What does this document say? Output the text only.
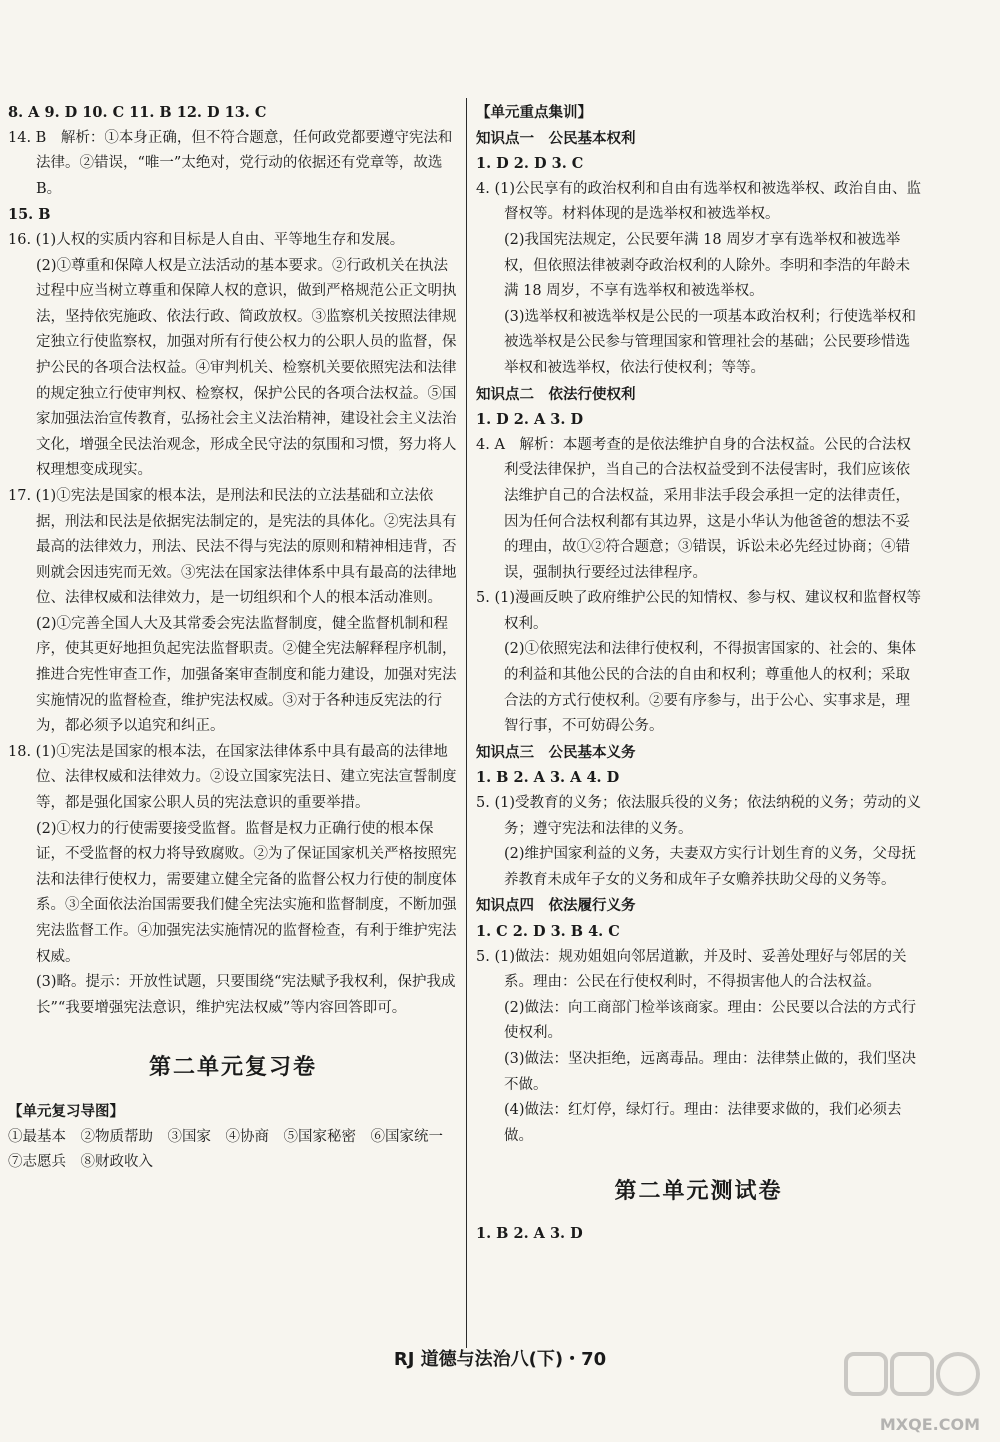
8. A 9. D 10. C 11. B 12. D 13. C

14. B　解析：①本身正确，但不符合题意，任何政党都要遵守宪法和法律。②错误，“唯一”太绝对，党行动的依据还有党章等，故选 B。

15. B

16. (1)人权的实质内容和目标是人自由、平等地生存和发展。

(2)①尊重和保障人权是立法活动的基本要求。②行政机关在执法过程中应当树立尊重和保障人权的意识，做到严格规范公正文明执法，坚持依宪施政、依法行政、简政放权。③监察机关按照法律规定独立行使监察权，加强对所有行使公权力的公职人员的监督，保护公民的各项合法权益。④审判机关、检察机关要依照宪法和法律的规定独立行使审判权、检察权，保护公民的各项合法权益。⑤国家加强法治宣传教育，弘扬社会主义法治精神，建设社会主义法治文化，增强全民法治观念，形成全民守法的氛围和习惯，努力将人权理想变成现实。

17. (1)①宪法是国家的根本法，是刑法和民法的立法基础和立法依据，刑法和民法是依据宪法制定的，是宪法的具体化。②宪法具有最高的法律效力，刑法、民法不得与宪法的原则和精神相违背，否则就会因违宪而无效。③宪法在国家法律体系中具有最高的法律地位、法律权威和法律效力，是一切组织和个人的根本活动准则。

(2)①完善全国人大及其常委会宪法监督制度，健全监督机制和程序，使其更好地担负起宪法监督职责。②健全宪法解释程序机制，推进合宪性审查工作，加强备案审查制度和能力建设，加强对宪法实施情况的监督检查，维护宪法权威。③对于各种违反宪法的行为，都必须予以追究和纠正。

18. (1)①宪法是国家的根本法，在国家法律体系中具有最高的法律地位、法律权威和法律效力。②设立国家宪法日、建立宪法宣誓制度等，都是强化国家公职人员的宪法意识的重要举措。

(2)①权力的行使需要接受监督。监督是权力正确行使的根本保证，不受监督的权力将导致腐败。②为了保证国家机关严格按照宪法和法律行使权力，需要建立健全完备的监督公权力行使的制度体系。③全面依法治国需要我们健全宪法实施和监督制度，不断加强宪法监督工作。④加强宪法实施情况的监督检查，有利于维护宪法权威。

(3)略。提示：开放性试题，只要围绕“宪法赋予我权利，保护我成长”“我要增强宪法意识，维护宪法权威”等内容回答即可。

第二单元复习卷

【单元复习导图】

①最基本　②物质帮助　③国家　④协商　⑤国家秘密　⑥国家统一　⑦志愿兵　⑧财政收入

【单元重点集训】

知识点一　公民基本权利

1. D 2. D 3. C

4. (1)公民享有的政治权利和自由有选举权和被选举权、政治自由、监督权等。材料体现的是选举权和被选举权。

(2)我国宪法规定，公民要年满 18 周岁才享有选举权和被选举权，但依照法律被剥夺政治权利的人除外。李明和李浩的年龄未满 18 周岁，不享有选举权和被选举权。

(3)选举权和被选举权是公民的一项基本政治权利；行使选举权和被选举权是公民参与管理国家和管理社会的基础；公民要珍惜选举权和被选举权，依法行使权利；等等。

知识点二　依法行使权利

1. D 2. A 3. D

4. A　解析：本题考查的是依法维护自身的合法权益。公民的合法权利受法律保护，当自己的合法权益受到不法侵害时，我们应该依法维护自己的合法权益，采用非法手段会承担一定的法律责任，因为任何合法权利都有其边界，这是小华认为他爸爸的想法不妥的理由，故①②符合题意；③错误，诉讼未必先经过协商；④错误，强制执行要经过法律程序。

5. (1)漫画反映了政府维护公民的知情权、参与权、建议权和监督权等权利。

(2)①依照宪法和法律行使权利，不得损害国家的、社会的、集体的利益和其他公民的合法的自由和权利；尊重他人的权利；采取合法的方式行使权利。②要有序参与，出于公心、实事求是，理智行事，不可妨碍公务。

知识点三　公民基本义务

1. B 2. A 3. A 4. D

5. (1)受教育的义务；依法服兵役的义务；依法纳税的义务；劳动的义务；遵守宪法和法律的义务。

(2)维护国家利益的义务，夫妻双方实行计划生育的义务，父母抚养教育未成年子女的义务和成年子女赡养扶助父母的义务等。

知识点四　依法履行义务

1. C 2. D 3. B 4. C

5. (1)做法：规劝姐姐向邻居道歉，并及时、妥善处理好与邻居的关系。理由：公民在行使权利时，不得损害他人的合法权益。

(2)做法：向工商部门检举该商家。理由：公民要以合法的方式行使权利。

(3)做法：坚决拒绝，远离毒品。理由：法律禁止做的，我们坚决不做。

(4)做法：红灯停，绿灯行。理由：法律要求做的，我们必须去做。

第二单元测试卷

1. B 2. A 3. D

RJ 道德与法治八(下)・70
MXQE.COM
